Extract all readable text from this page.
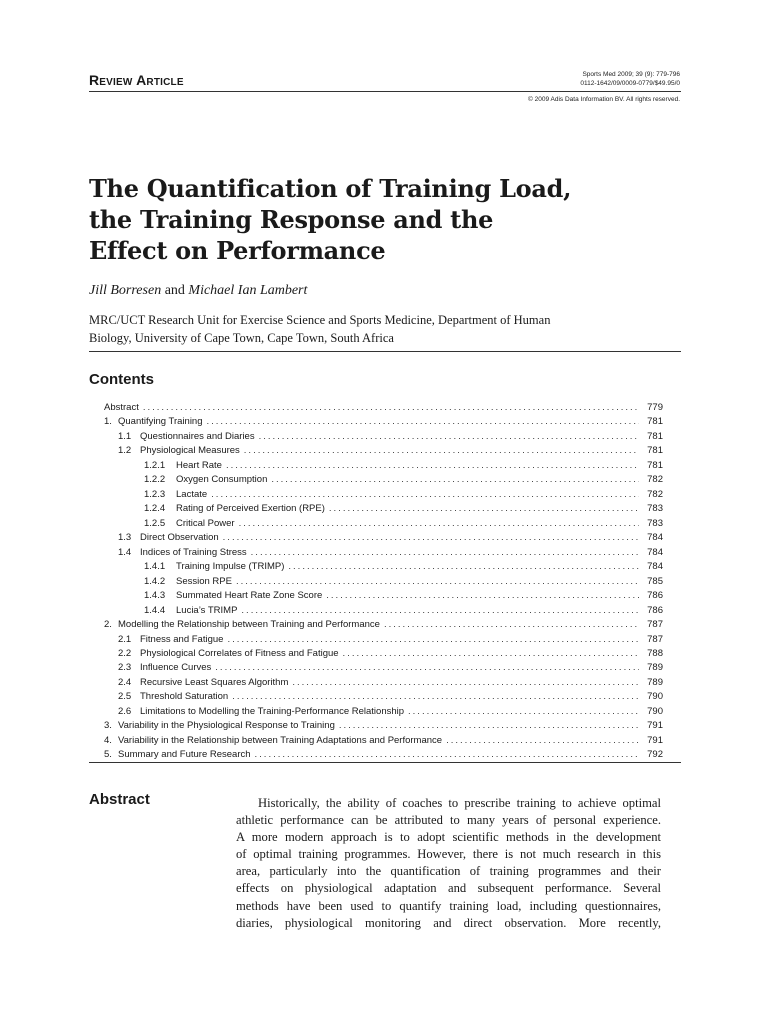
Review Article	Sports Med 2009; 39 (9): 779-796
0112-1642/09/0009-0779/$49.95/0
© 2009 Adis Data Information BV. All rights reserved.
The Quantification of Training Load,
the Training Response and the
Effect on Performance
Jill Borresen and Michael Ian Lambert
MRC/UCT Research Unit for Exercise Science and Sports Medicine, Department of Human
Biology, University of Cape Town, Cape Town, South Africa
Contents
Abstract .....	779
1. Quantifying Training .....	781
1.1 Questionnaires and Diaries .....	781
1.2 Physiological Measures .....	781
1.2.1	Heart Rate .....	781
1.2.2	Oxygen Consumption .....	782
1.2.3	Lactate .....	782
1.2.4	Rating of Perceived Exertion (RPE) .....	783
1.2.5	Critical Power .....	783
1.3 Direct Observation .....	784
1.4 Indices of Training Stress .....	784
1.4.1	Training Impulse (TRIMP) .....	784
1.4.2	Session RPE .....	785
1.4.3	Summated Heart Rate Zone Score .....	786
1.4.4	Lucia’s TRIMP .....	786
2. Modelling the Relationship between Training and Performance .....	787
2.1 Fitness and Fatigue .....	787
2.2 Physiological Correlates of Fitness and Fatigue .....	788
2.3 Influence Curves .....	789
2.4 Recursive Least Squares Algorithm .....	789
2.5 Threshold Saturation .....	790
2.6 Limitations to Modelling the Training-Performance Relationship .....	790
3. Variability in the Physiological Response to Training .....	791
4. Variability in the Relationship between Training Adaptations and Performance .....	791
5. Summary and Future Research .....	792
Abstract	Historically, the ability of coaches to prescribe training to achieve optimal
athletic performance can be attributed to many years of personal experience.
A more modern approach is to adopt scientific methods in the development
of optimal training programmes. However, there is not much research in this
area, particularly into the quantification of training programmes and their
effects on physiological adaptation and subsequent performance. Several
methods have been used to quantify training load, including questionnaires,
diaries, physiological monitoring and direct observation. More recently,
